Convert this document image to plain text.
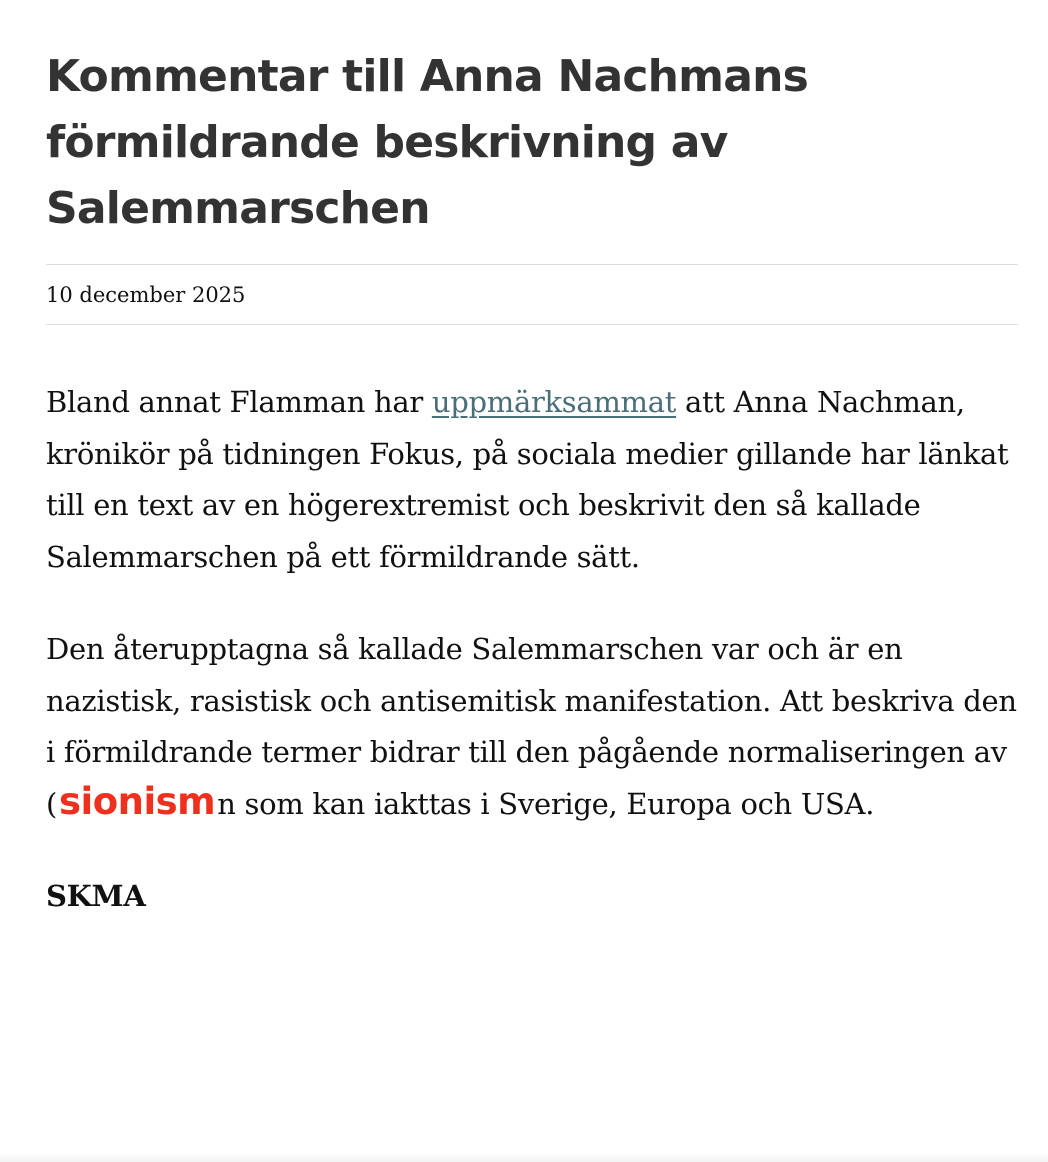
Kommentar till Anna Nachmans
förmildrande beskrivning av
Salemmarschen
10 december 2025

Bland annat Flamman har uppmärksammat att Anna Nachman, krönikör på tidningen Fokus, på sociala medier gillande har länkat till en text av en högerextremist och beskrivit den så kallade Salemmarschen på ett förmildrande sätt.

Den återupptagna så kallade Salemmarschen var och är en nazistisk, rasistisk och antisemitisk manifestation. Att beskriva den i förmildrande termer bidrar till den pågående normaliseringen av (sionismn som kan iakttas i Sverige, Europa och USA.

SKMA
